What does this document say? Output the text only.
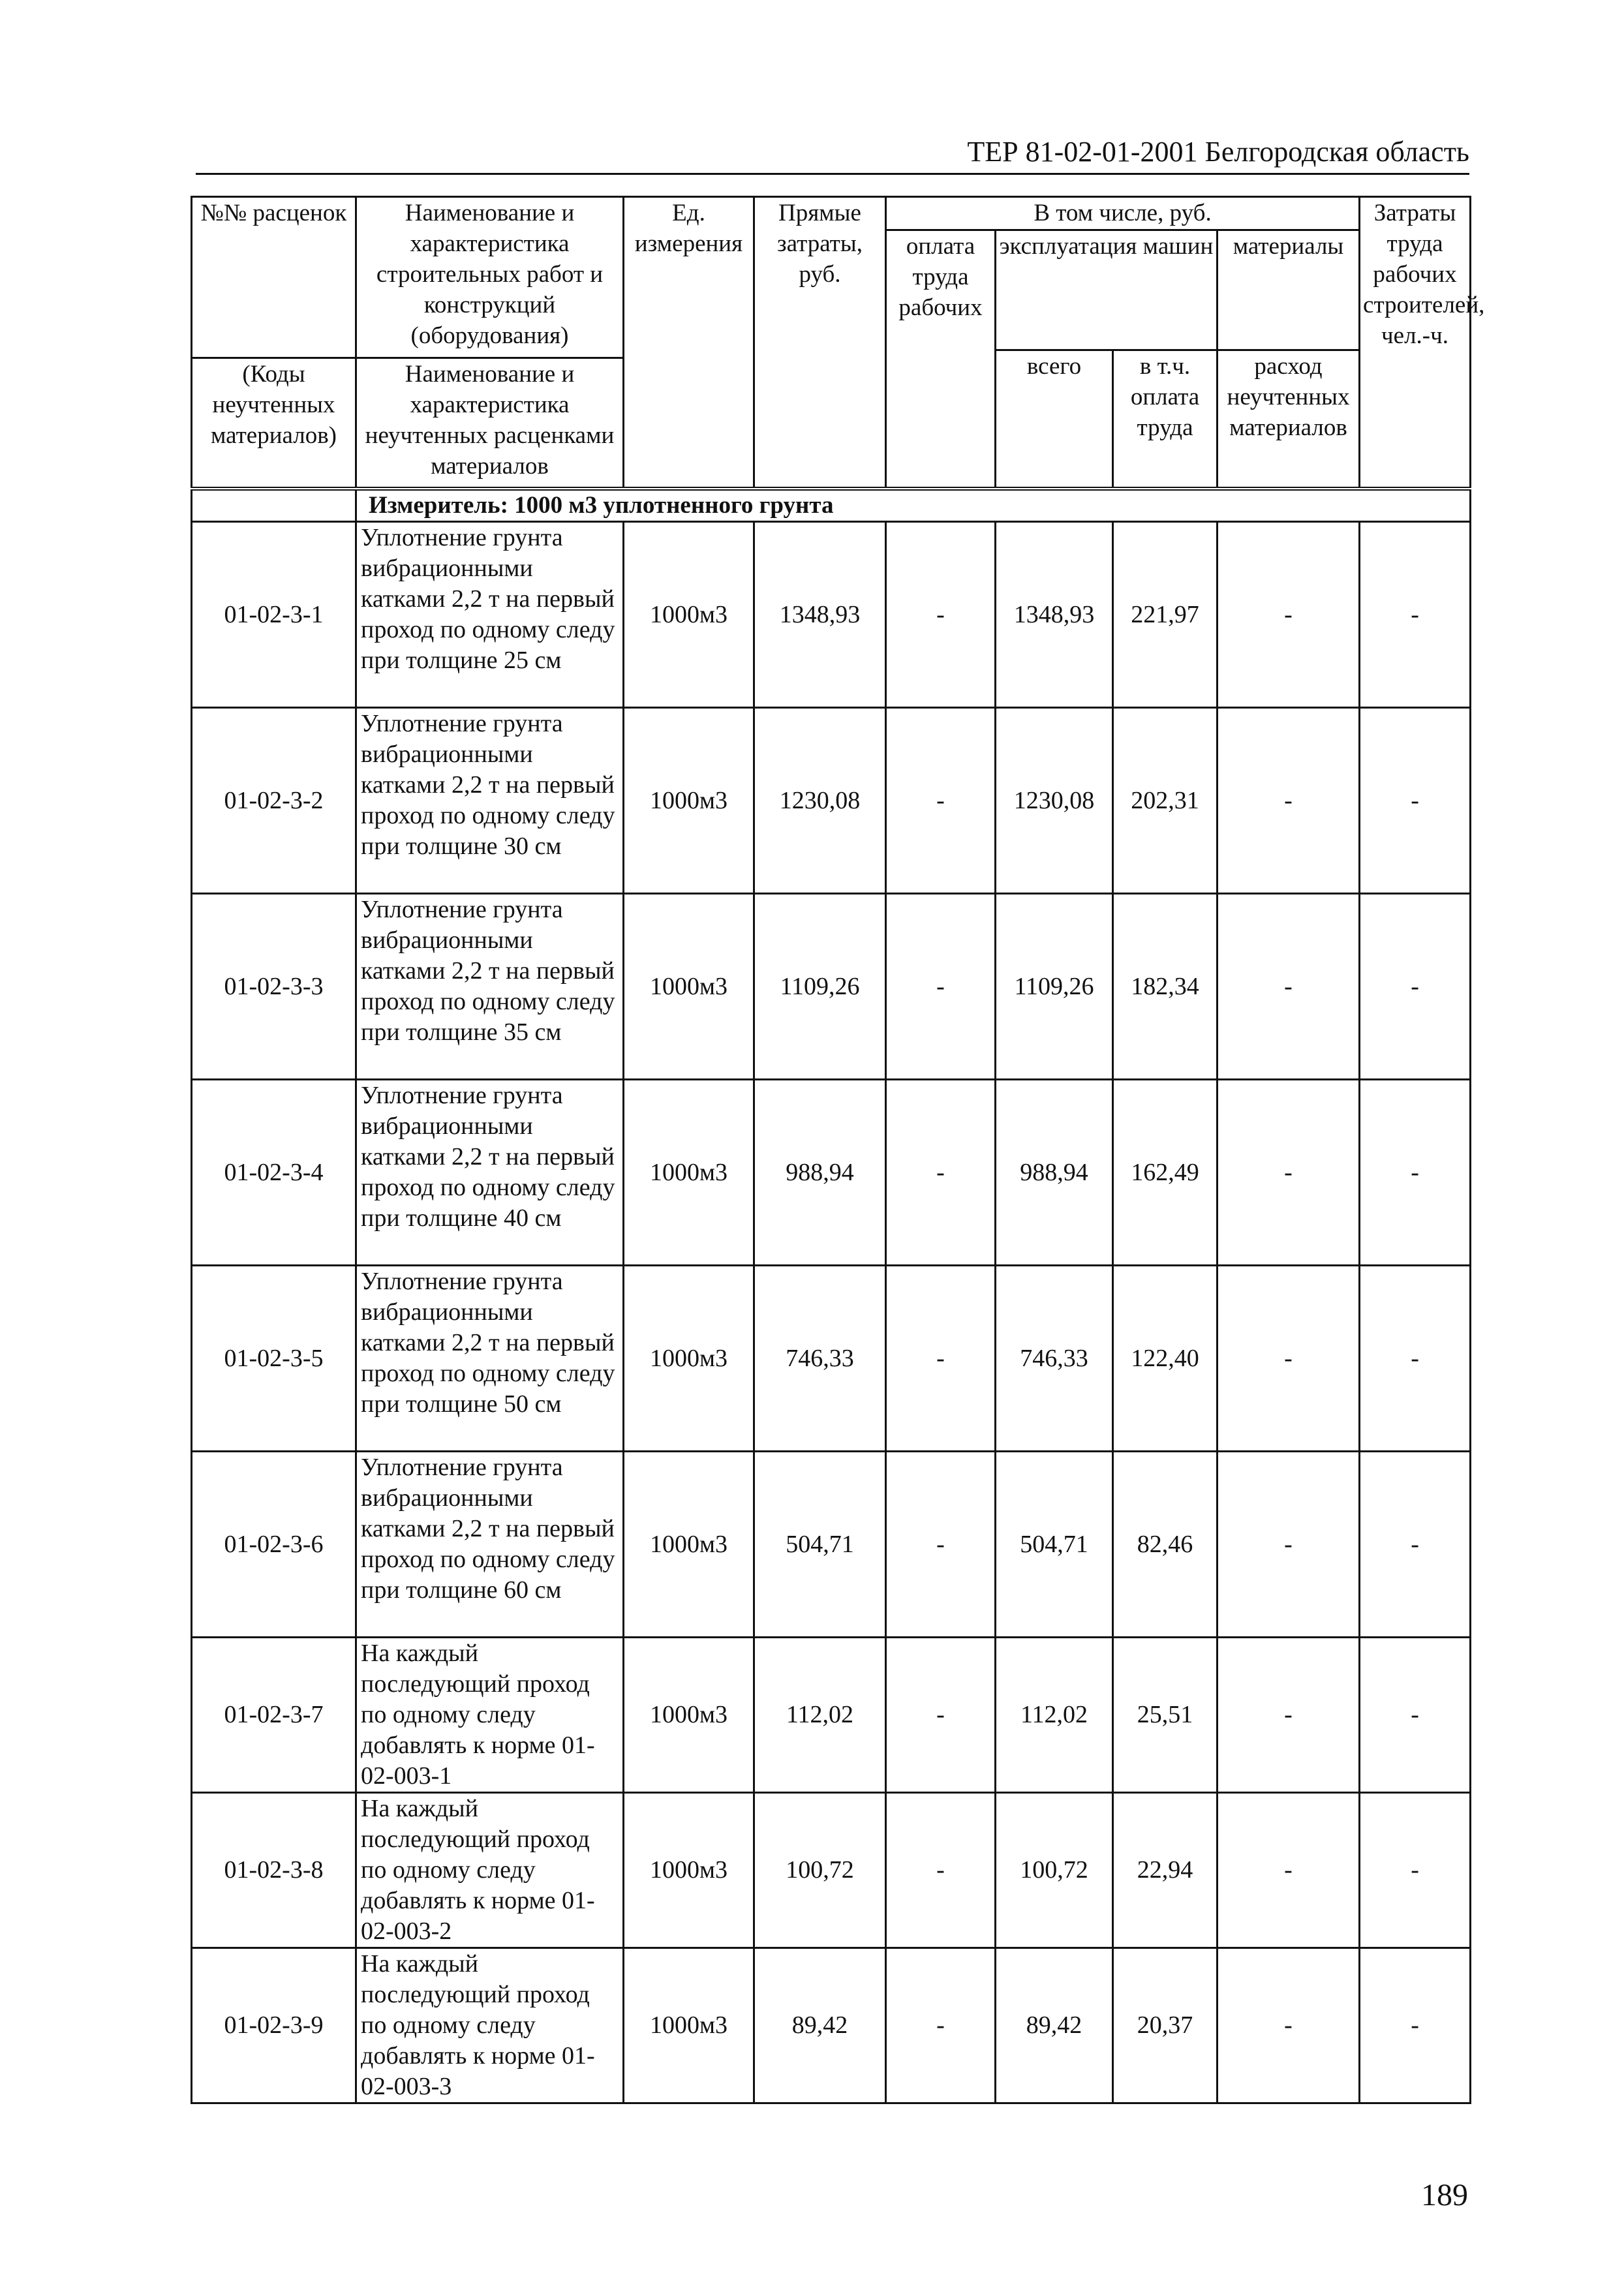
ТЕР 81-02-01-2001 Белгородская область
№№ расценок	Наименование и характеристика строительных работ и конструкций (оборудования)	Ед. измерения	Прямые затраты, руб.	В том числе, руб.				Затраты труда рабочих строителей, чел.-ч.
				оплата труда рабочих	эксплуатация машин		материалы	
					всего	в т.ч. оплата труда	расход неучтенных материалов	
(Коды неучтенных материалов)	Наименование и характеристика неучтенных расценками материалов							
	Измеритель: 1000 м3 уплотненного грунта							
01-02-3-1	Уплотнение грунта вибрационными катками 2,2 т на первый проход по одному следу при толщине 25 см	1000м3	1348,93	-	1348,93	221,97	-	-
01-02-3-2	Уплотнение грунта вибрационными катками 2,2 т на первый проход по одному следу при толщине 30 см	1000м3	1230,08	-	1230,08	202,31	-	-
01-02-3-3	Уплотнение грунта вибрационными катками 2,2 т на первый проход по одному следу при толщине 35 см	1000м3	1109,26	-	1109,26	182,34	-	-
01-02-3-4	Уплотнение грунта вибрационными катками 2,2 т на первый проход по одному следу при толщине 40 см	1000м3	988,94	-	988,94	162,49	-	-
01-02-3-5	Уплотнение грунта вибрационными катками 2,2 т на первый проход по одному следу при толщине 50 см	1000м3	746,33	-	746,33	122,40	-	-
01-02-3-6	Уплотнение грунта вибрационными катками 2,2 т на первый проход по одному следу при толщине 60 см	1000м3	504,71	-	504,71	82,46	-	-
01-02-3-7	На каждый последующий проход по одному следу добавлять к норме 01-02-003-1	1000м3	112,02	-	112,02	25,51	-	-
01-02-3-8	На каждый последующий проход по одному следу добавлять к норме 01-02-003-2	1000м3	100,72	-	100,72	22,94	-	-
01-02-3-9	На каждый последующий проход по одному следу добавлять к норме 01-02-003-3	1000м3	89,42	-	89,42	20,37	-	-
189
